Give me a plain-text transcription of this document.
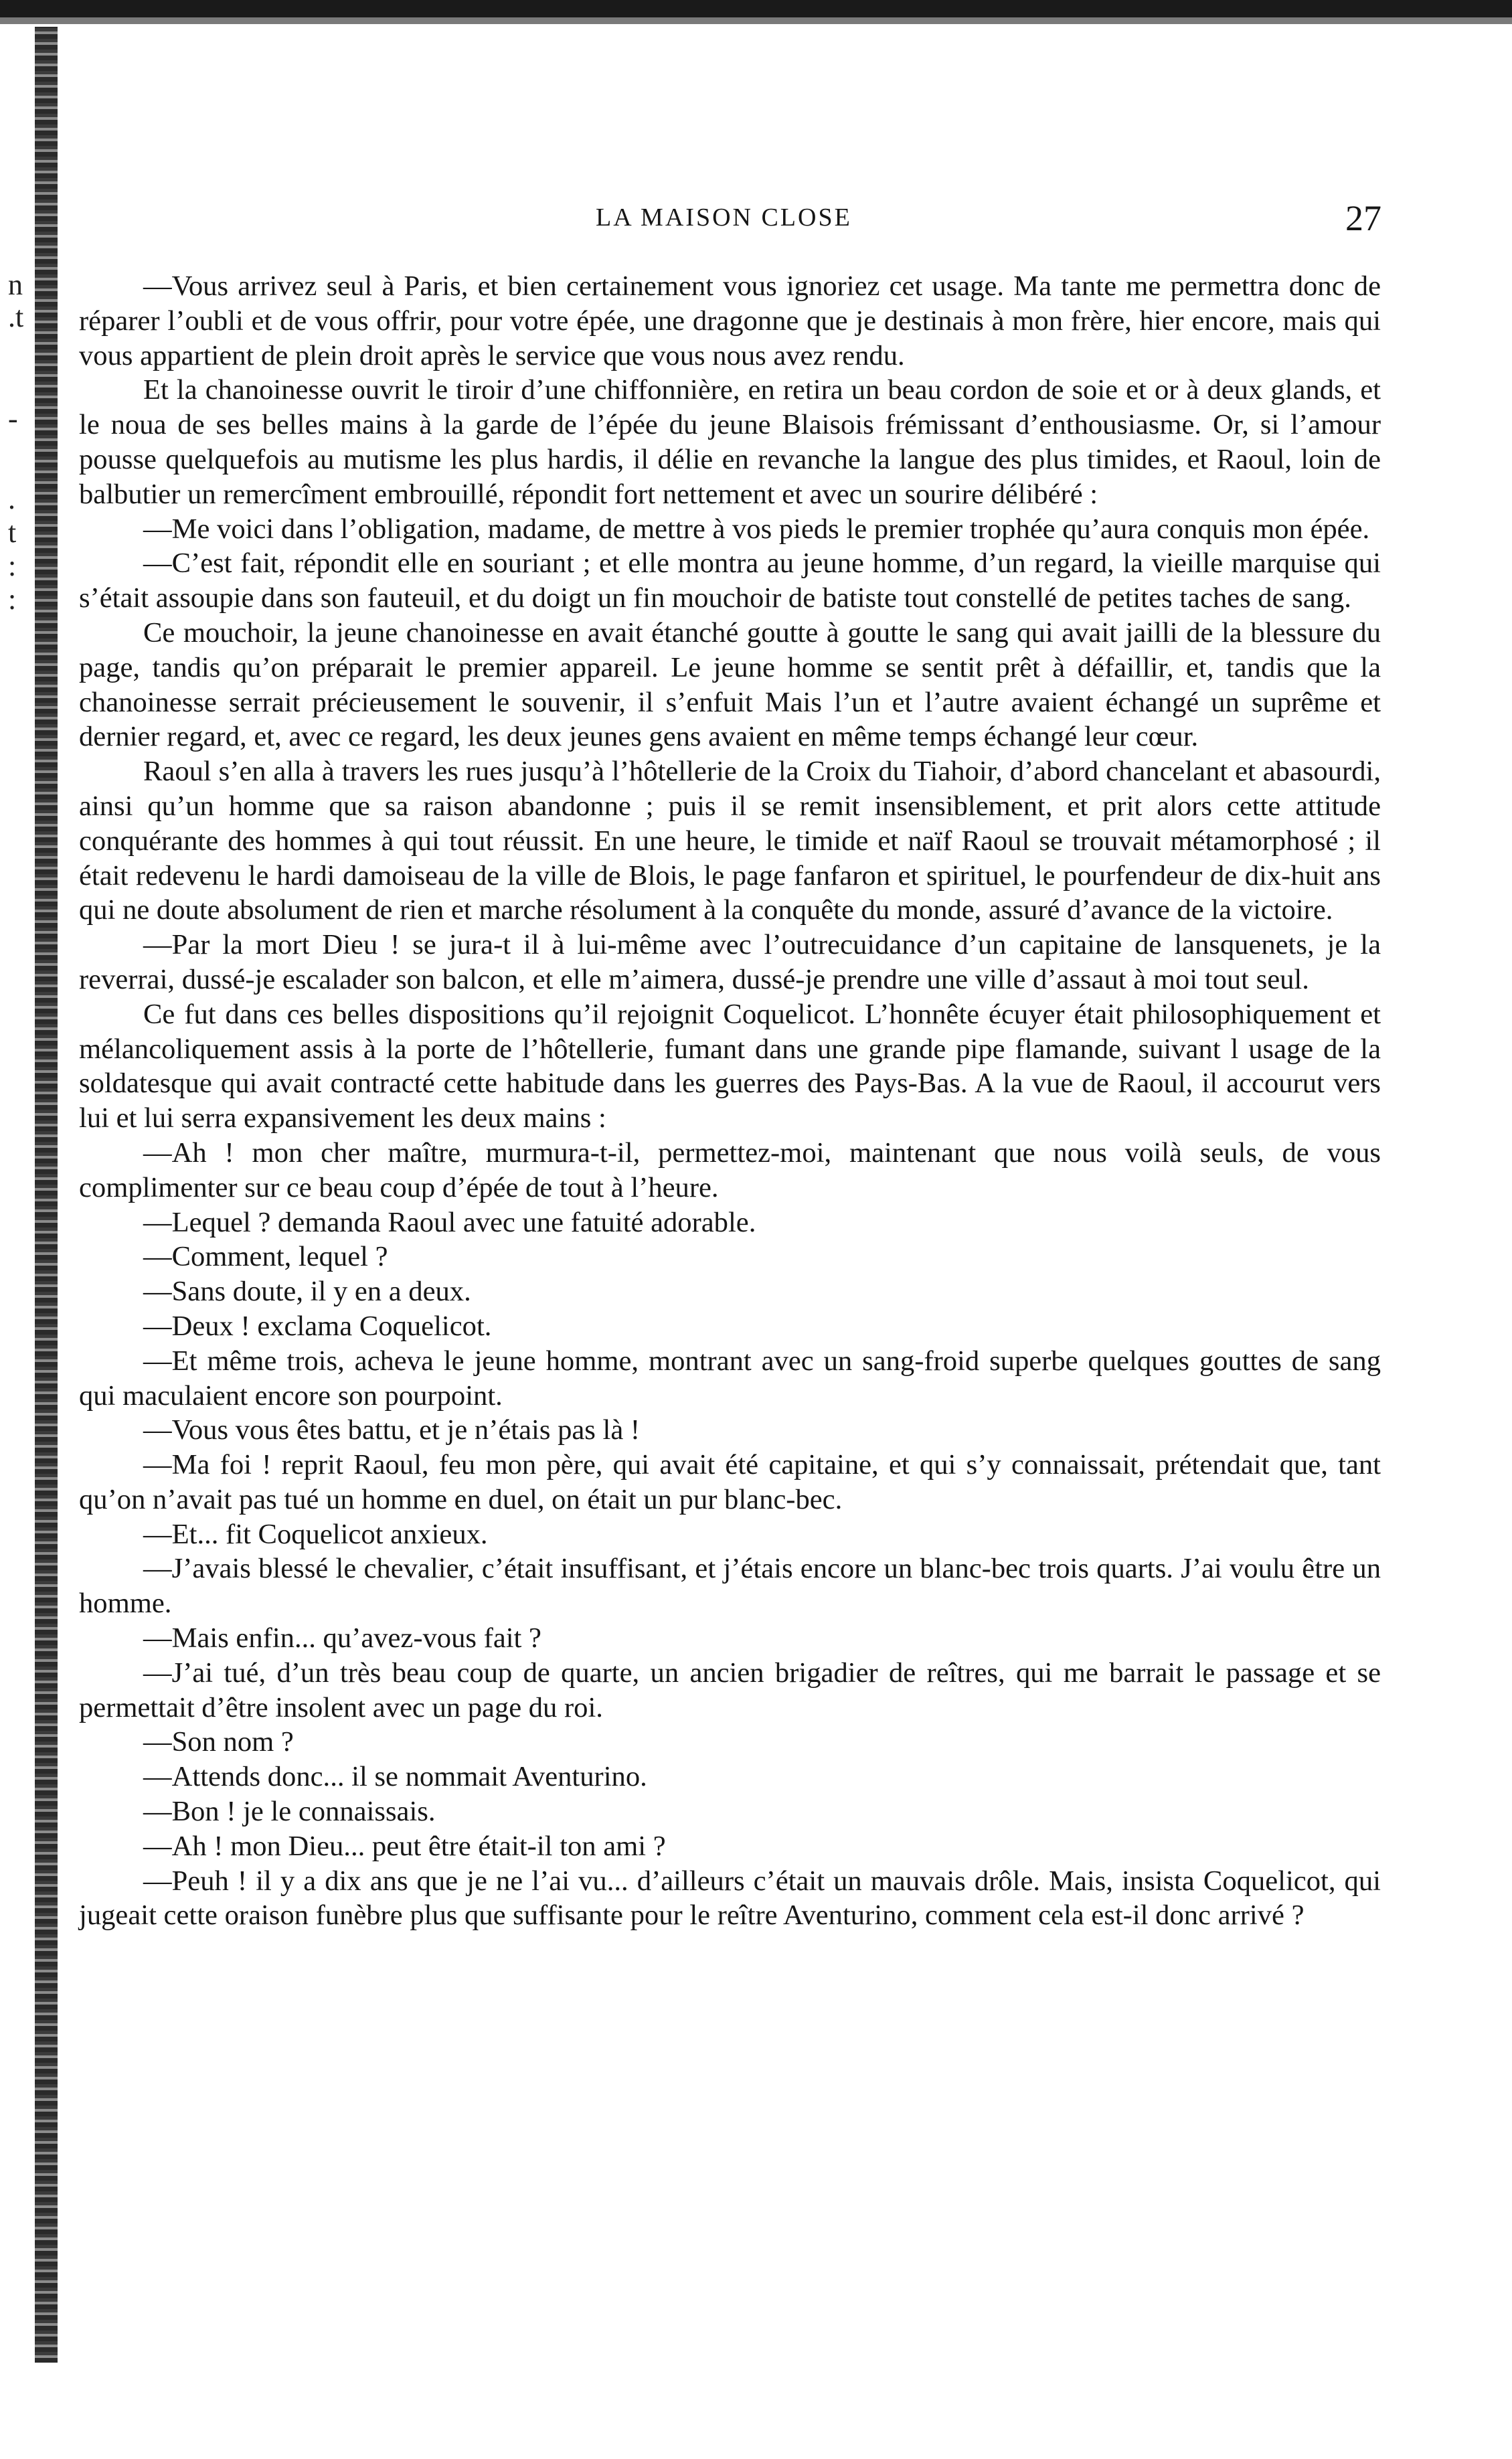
n
.t
-
.
t
:
:
LA MAISON CLOSE	27

—Vous arrivez seul à Paris, et bien certainement vous ignoriez cet usage. Ma tante me permettra donc de réparer l’oubli et de vous offrir, pour votre épée, une dragonne que je destinais à mon frère, hier encore, mais qui vous appartient de plein droit après le service que vous nous avez rendu.

Et la chanoinesse ouvrit le tiroir d’une chiffonnière, en retira un beau cordon de soie et or à deux glands, et le noua de ses belles mains à la garde de l’épée du jeune Blaisois frémissant d’enthousiasme. Or, si l’amour pousse quelquefois au mutisme les plus hardis, il délie en revanche la langue des plus timides, et Raoul, loin de balbutier un remercîment embrouillé, répondit fort nettement et avec un sourire délibéré :

—Me voici dans l’obligation, madame, de mettre à vos pieds le premier trophée qu’aura conquis mon épée.

—C’est fait, répondit elle en souriant ; et elle montra au jeune homme, d’un regard, la vieille marquise qui s’était assoupie dans son fauteuil, et du doigt un fin mouchoir de batiste tout constellé de petites taches de sang.

Ce mouchoir, la jeune chanoinesse en avait étanché goutte à goutte le sang qui avait jailli de la blessure du page, tandis qu’on préparait le premier appareil. Le jeune homme se sentit prêt à défaillir, et, tandis que la chanoinesse serrait précieusement le souvenir, il s’enfuit Mais l’un et l’autre avaient échangé un suprême et dernier regard, et, avec ce regard, les deux jeunes gens avaient en même temps échangé leur cœur.

Raoul s’en alla à travers les rues jusqu’à l’hôtellerie de la Croix du Tiahoir, d’abord chancelant et abasourdi, ainsi qu’un homme que sa raison abandonne ; puis il se remit insensiblement, et prit alors cette attitude conquérante des hommes à qui tout réussit. En une heure, le timide et naïf Raoul se trouvait métamorphosé ; il était redevenu le hardi damoiseau de la ville de Blois, le page fanfaron et spirituel, le pourfendeur de dix-huit ans qui ne doute absolument de rien et marche résolument à la conquête du monde, assuré d’avance de la victoire.

—Par la mort Dieu ! se jura-t il à lui-même avec l’outrecuidance d’un capitaine de lansquenets, je la reverrai, dussé-je escalader son balcon, et elle m’aimera, dussé-je prendre une ville d’assaut à moi tout seul.

Ce fut dans ces belles dispositions qu’il rejoignit Coquelicot. L’honnête écuyer était philosophiquement et mélancoliquement assis à la porte de l’hôtellerie, fumant dans une grande pipe flamande, suivant l usage de la soldatesque qui avait contracté cette habitude dans les guerres des Pays-Bas. A la vue de Raoul, il accourut vers lui et lui serra expansivement les deux mains :

—Ah ! mon cher maître, murmura-t-il, permettez-moi, maintenant que nous voilà seuls, de vous complimenter sur ce beau coup d’épée de tout à l’heure.

—Lequel ? demanda Raoul avec une fatuité adorable.

—Comment, lequel ?

—Sans doute, il y en a deux.

—Deux ! exclama Coquelicot.

—Et même trois, acheva le jeune homme, montrant avec un sang-froid superbe quelques gouttes de sang qui maculaient encore son pourpoint.

—Vous vous êtes battu, et je n’étais pas là !

—Ma foi ! reprit Raoul, feu mon père, qui avait été capitaine, et qui s’y connaissait, prétendait que, tant qu’on n’avait pas tué un homme en duel, on était un pur blanc-bec.

—Et... fit Coquelicot anxieux.

—J’avais blessé le chevalier, c’était insuffisant, et j’étais encore un blanc-bec trois quarts. J’ai voulu être un homme.

—Mais enfin... qu’avez-vous fait ?

—J’ai tué, d’un très beau coup de quarte, un ancien brigadier de reîtres, qui me barrait le passage et se permettait d’être insolent avec un page du roi.

—Son nom ?

—Attends donc... il se nommait Aventurino.

—Bon ! je le connaissais.

—Ah ! mon Dieu... peut être était-il ton ami ?

—Peuh ! il y a dix ans que je ne l’ai vu... d’ailleurs c’était un mauvais drôle. Mais, insista Coquelicot, qui jugeait cette oraison funèbre plus que suffisante pour le reître Aventurino, comment cela est-il donc arrivé ?
